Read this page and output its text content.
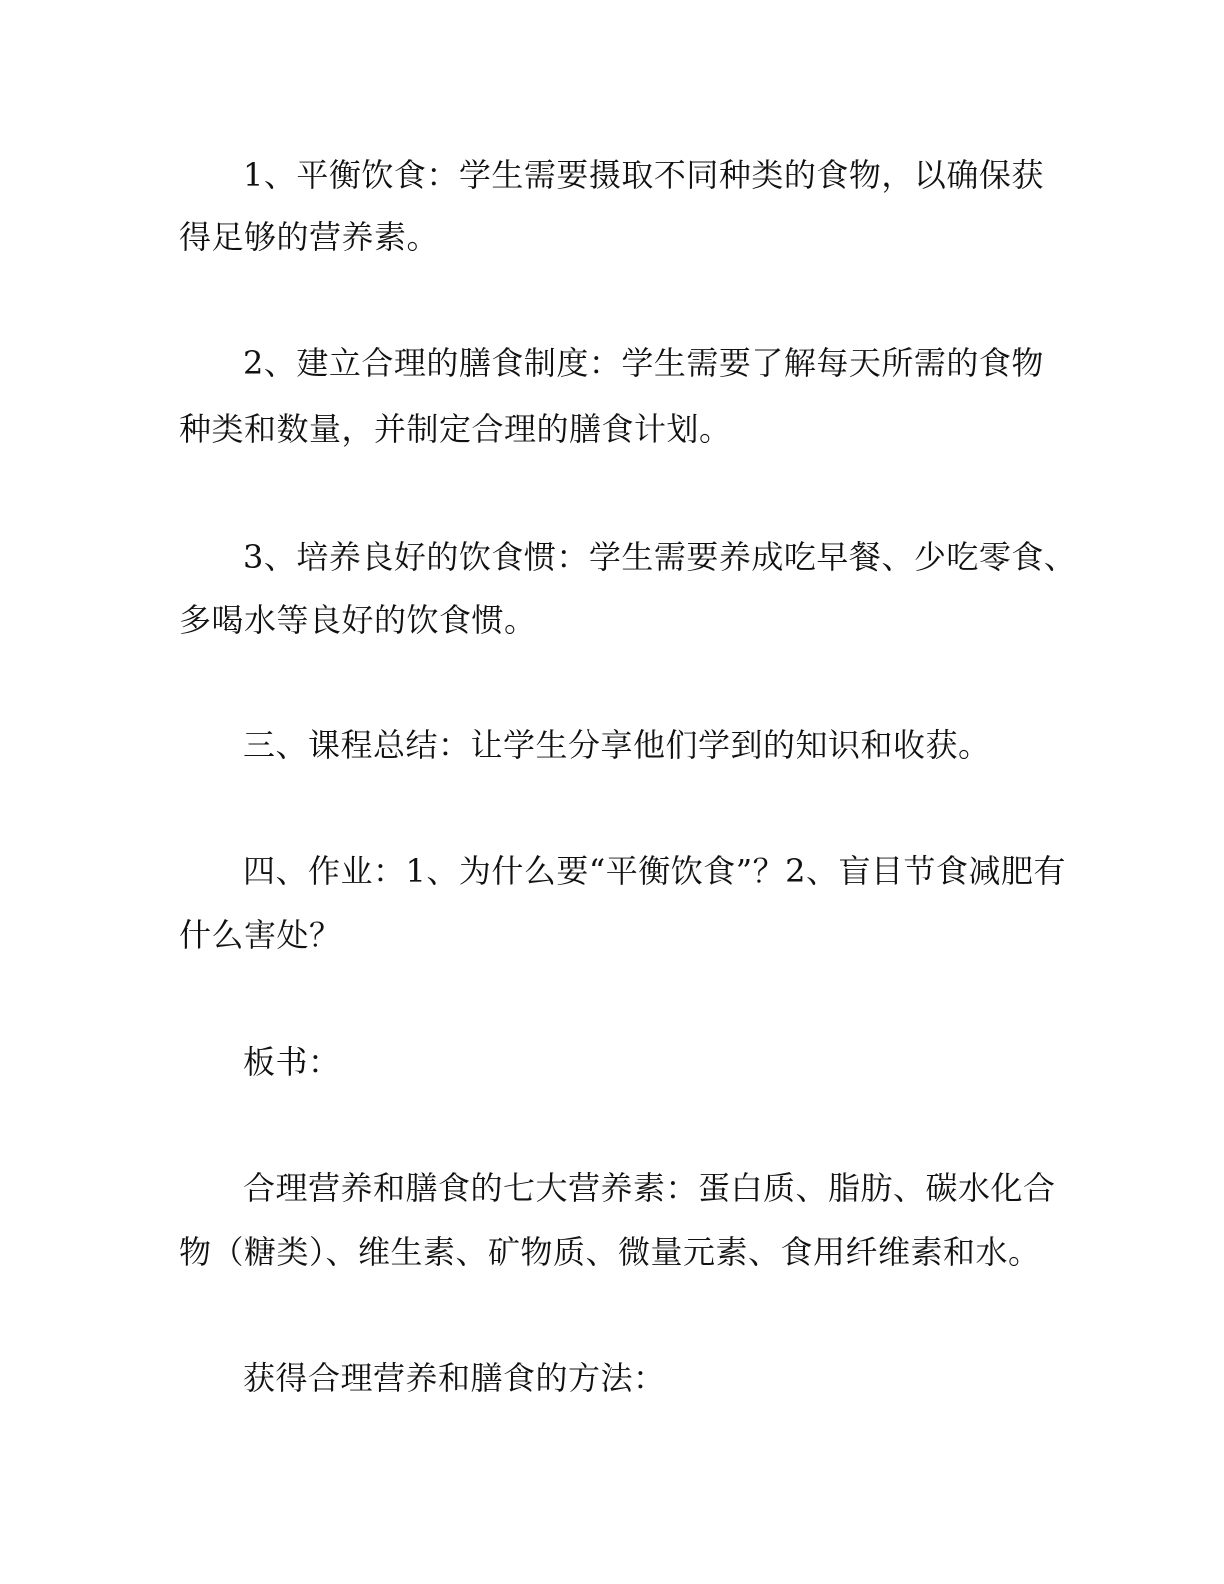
1、平衡饮食：学生需要摄取不同种类的食物，以确保获
得足够的营养素。
2、建立合理的膳食制度：学生需要了解每天所需的食物
种类和数量，并制定合理的膳食计划。
3、培养良好的饮食惯：学生需要养成吃早餐、少吃零食、
多喝水等良好的饮食惯。
三、课程总结：让学生分享他们学到的知识和收获。
四、作业：1、为什么要“平衡饮食”？2、盲目节食减肥有
什么害处？
板书：
合理营养和膳食的七大营养素：蛋白质、脂肪、碳水化合
物（糖类）、维生素、矿物质、微量元素、食用纤维素和水。
获得合理营养和膳食的方法：
